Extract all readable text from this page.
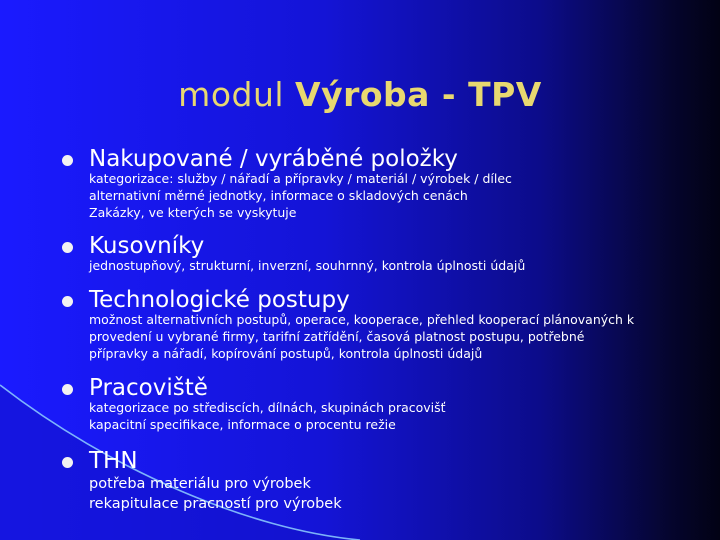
modul Výroba - TPV
Nakupované / vyráběné položky
kategorizace: služby / nářadí a přípravky / materiál / výrobek / dílec
alternativní měrné jednotky, informace o skladových cenách
Zakázky, ve kterých se vyskytuje
Kusovníky
jednostupňový, strukturní, inverzní, souhrnný, kontrola úplnosti údajů
Technologické postupy
možnost alternativních postupů, operace, kooperace, přehled kooperací plánovaných k
provedení u vybrané firmy, tarifní zatřídění, časová platnost postupu, potřebné
přípravky a nářadí, kopírování postupů, kontrola úplnosti údajů
Pracoviště
kategorizace po střediscích, dílnách, skupinách pracovišť
kapacitní specifikace, informace o procentu režie
THN
potřeba materiálu pro výrobek
rekapitulace pracností pro výrobek
